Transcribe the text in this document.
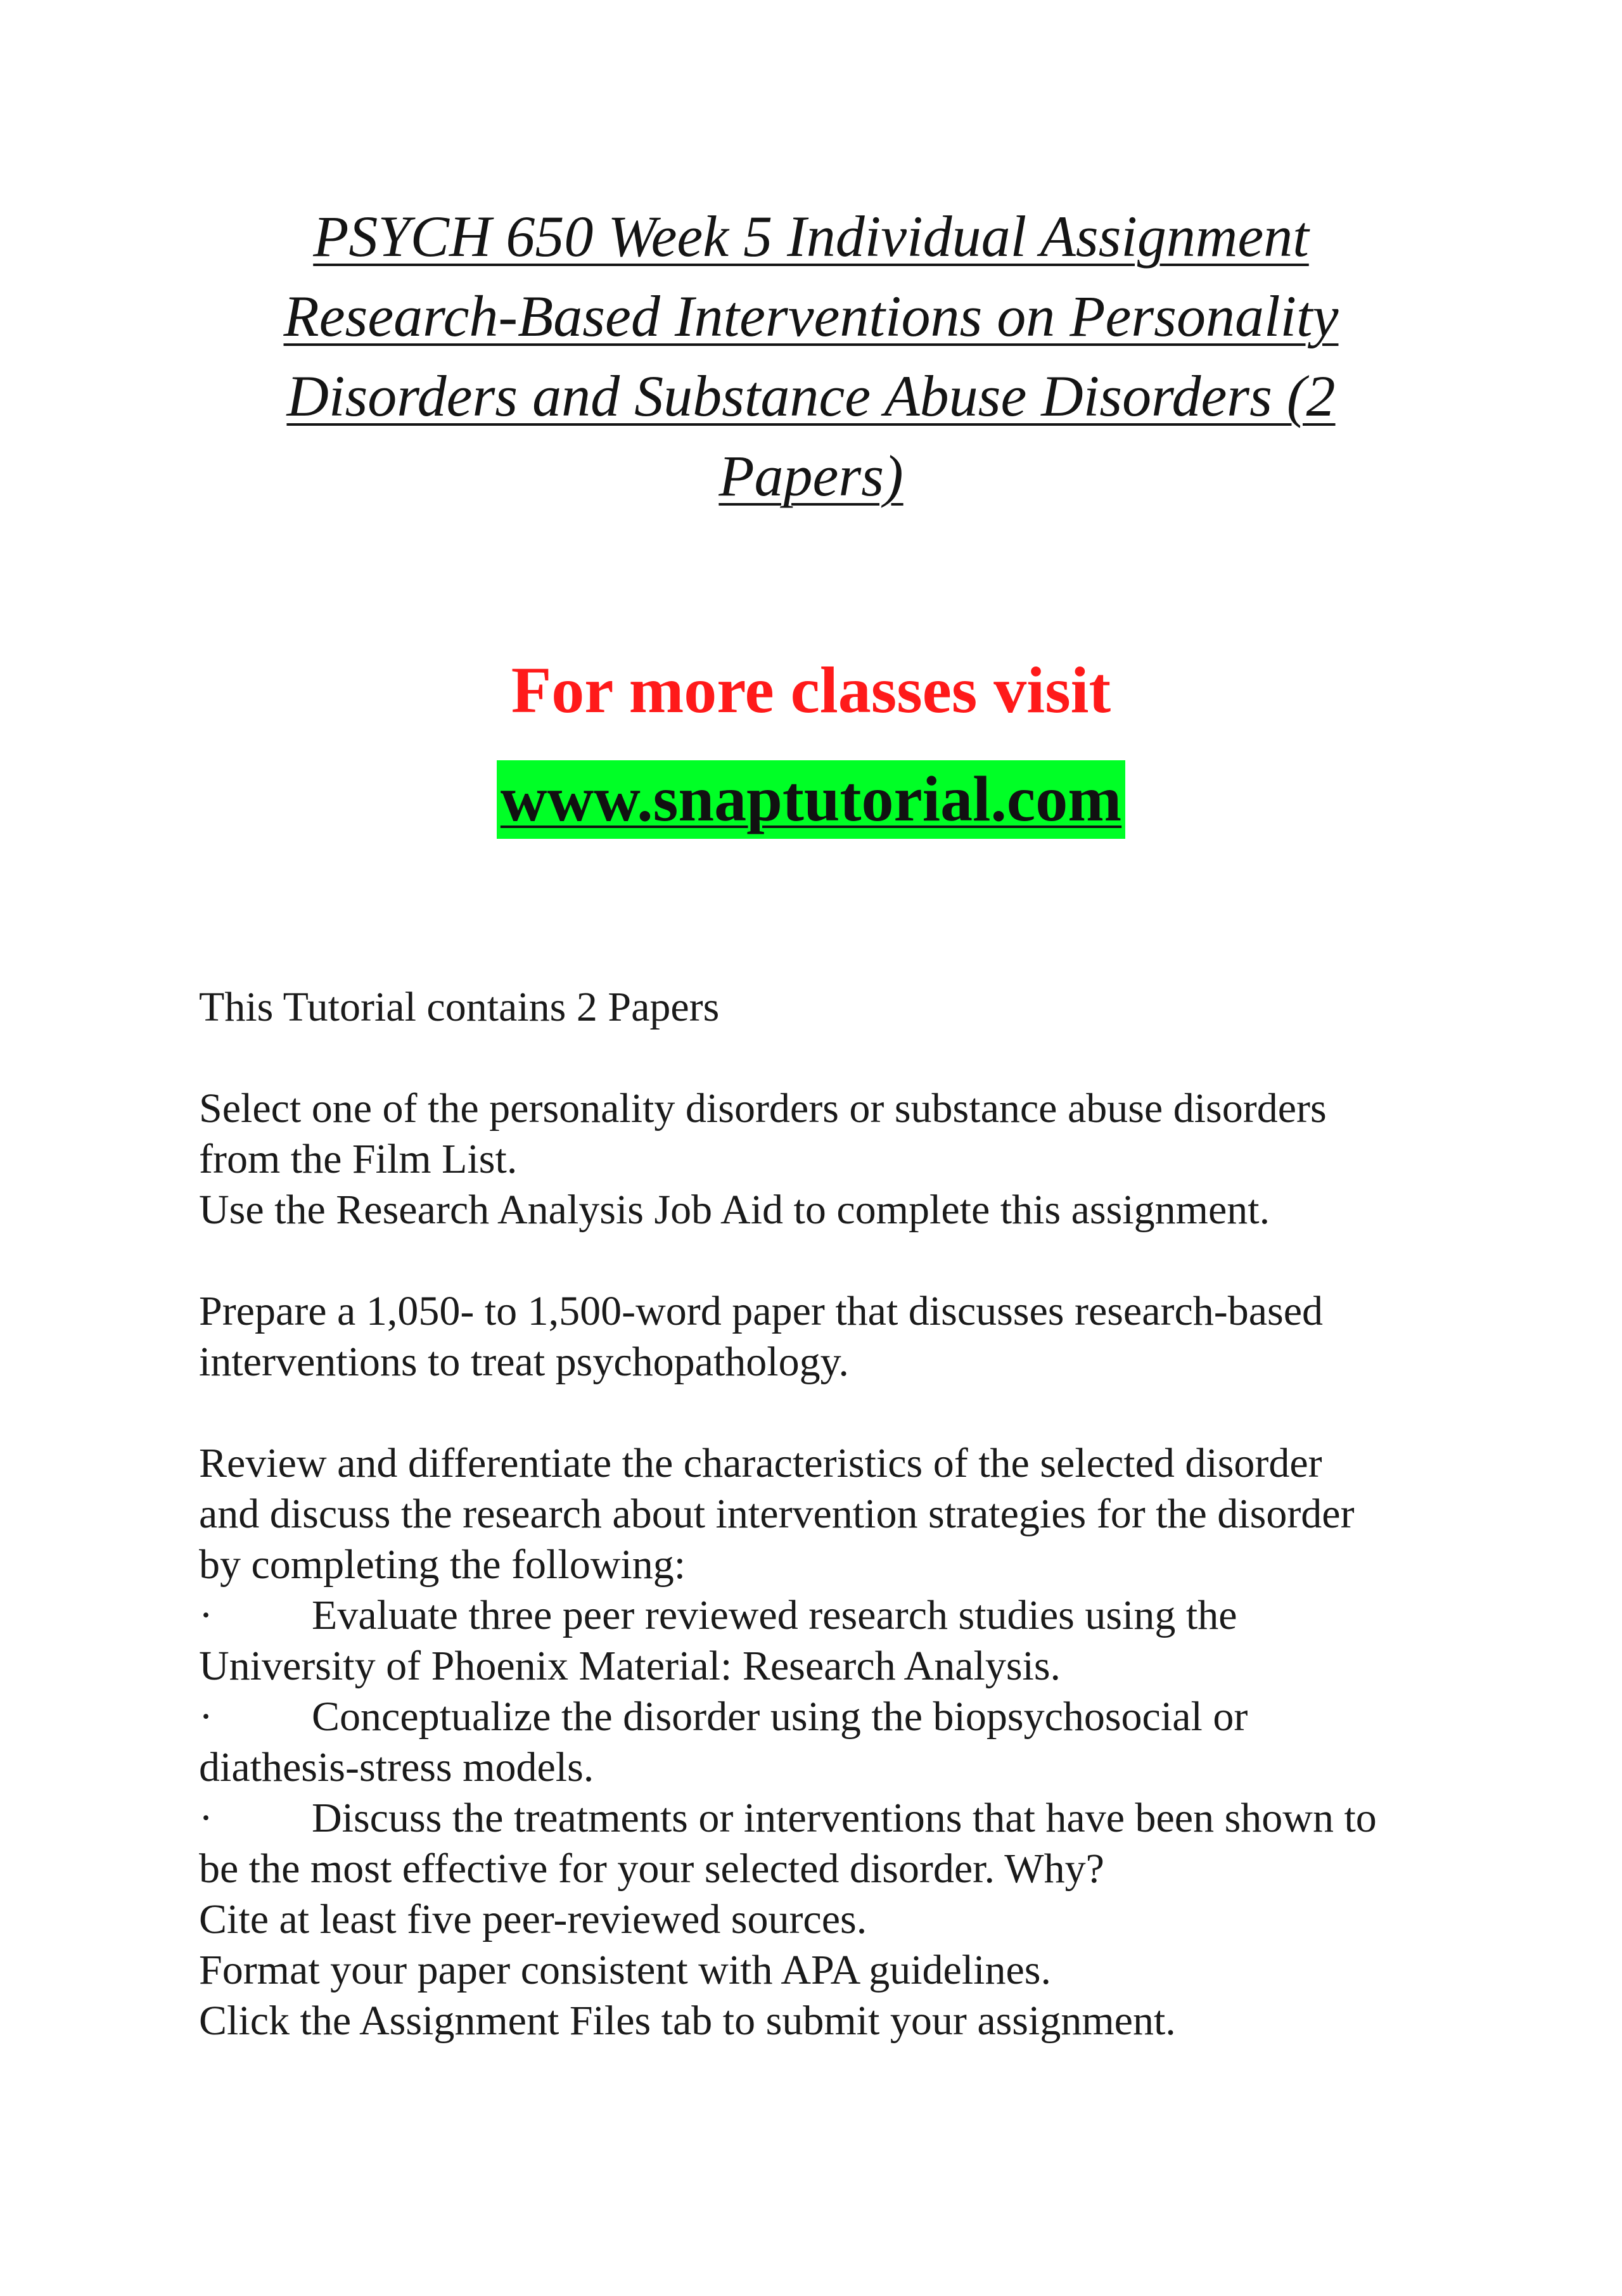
PSYCH 650 Week 5 Individual Assignment
Research-Based Interventions on Personality
Disorders and Substance Abuse Disorders (2
Papers)

For more classes visit

www.snaptutorial.com

This Tutorial contains 2 Papers

Select one of the personality disorders or substance abuse disorders

from the Film List.

Use the Research Analysis Job Aid to complete this assignment.

Prepare a 1,050- to 1,500-word paper that discusses research-based

interventions to treat psychopathology.

Review and differentiate the characteristics of the selected disorder

and discuss the research about intervention strategies for the disorder

by completing the following:

· Evaluate three peer reviewed research studies using the

University of Phoenix Material: Research Analysis.

· Conceptualize the disorder using the biopsychosocial or

diathesis-stress models.

· Discuss the treatments or interventions that have been shown to

be the most effective for your selected disorder. Why?

Cite at least five peer-reviewed sources.

Format your paper consistent with APA guidelines.

Click the Assignment Files tab to submit your assignment.
